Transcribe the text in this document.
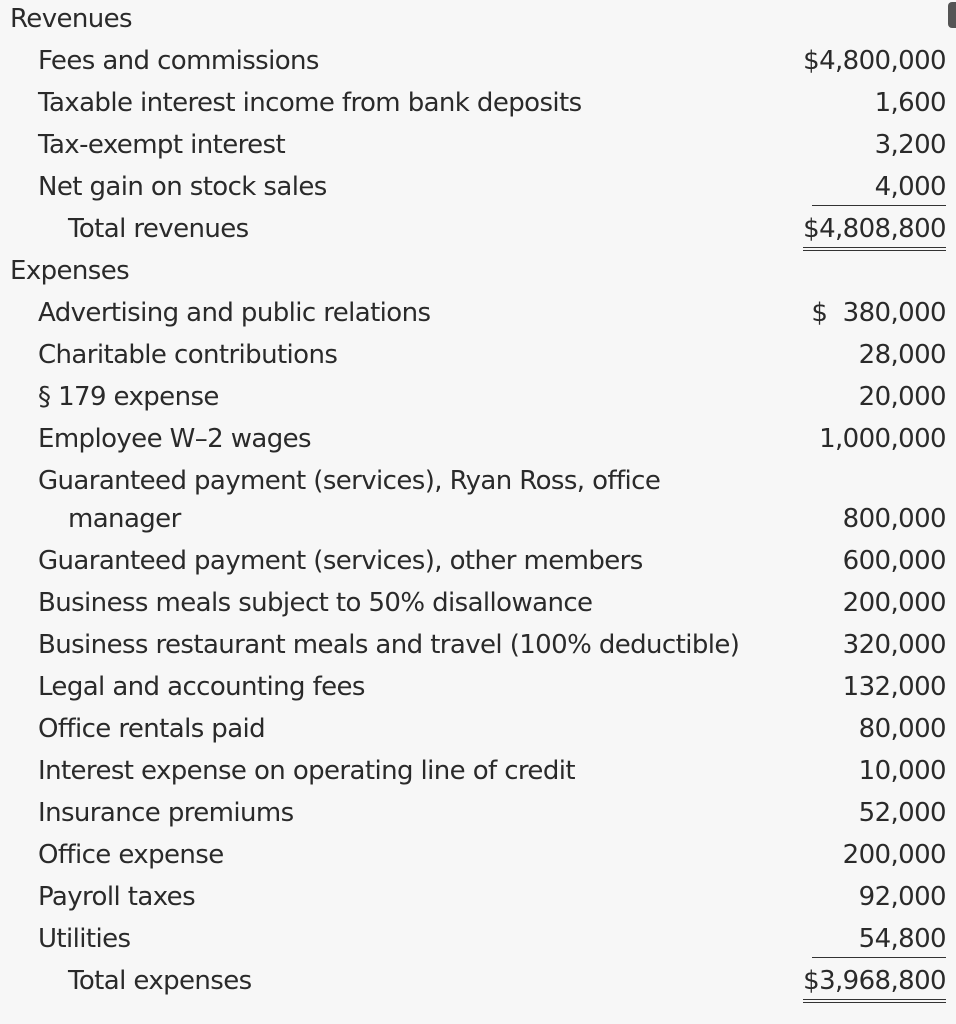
Revenues
Fees and commissions	$4,800,000
Taxable interest income from bank deposits	1,600
Tax-exempt interest	3,200
Net gain on stock sales	4,000
Total revenues	$4,808,800
Expenses
Advertising and public relations	$  380,000
Charitable contributions	28,000
§ 179 expense	20,000
Employee W–2 wages	1,000,000
Guaranteed payment (services), Ryan Ross, office
manager	800,000
Guaranteed payment (services), other members	600,000
Business meals subject to 50% disallowance	200,000
Business restaurant meals and travel (100% deductible)	320,000
Legal and accounting fees	132,000
Office rentals paid	80,000
Interest expense on operating line of credit	10,000
Insurance premiums	52,000
Office expense	200,000
Payroll taxes	92,000
Utilities	54,800
Total expenses	$3,968,800
